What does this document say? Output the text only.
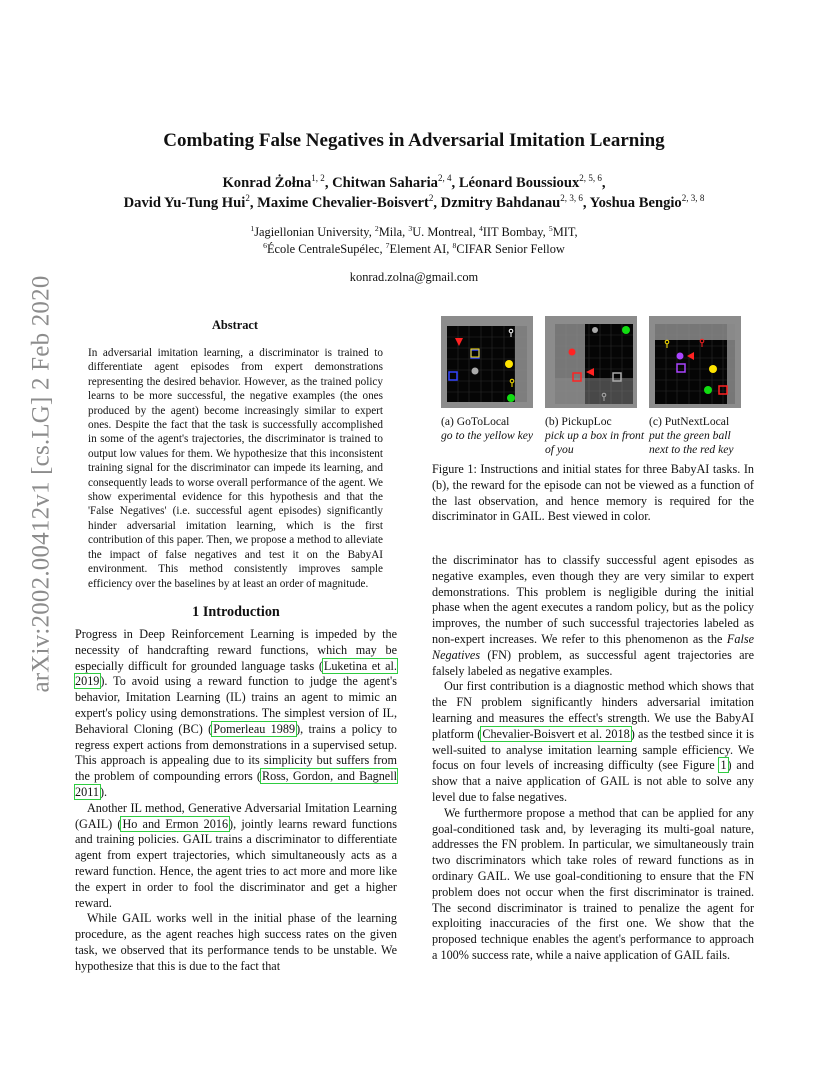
arXiv:2002.00412v1 [cs.LG] 2 Feb 2020
Combating False Negatives in Adversarial Imitation Learning
Konrad Żołna$^{1, 2}$, Chitwan Saharia$^{2, 4}$, Léonard Boussioux$^{2, 5, 6}$,
David Yu-Tung Hui$^2$, Maxime Chevalier-Boisvert$^2$, Dzmitry Bahdanau$^{2, 3, 6}$, Yoshua Bengio$^{2, 3, 8}$
$^1$Jagiellonian University, $^2$Mila, $^3$U. Montreal, $^4$IIT Bombay, $^5$MIT,
$^6$École CentraleSupélec, $^7$Element AI, $^8$CIFAR Senior Fellow
konrad.zolna@gmail.com
Abstract
In adversarial imitation learning, a discriminator is trained to differentiate agent episodes from expert demonstrations representing the desired behavior. However, as the trained policy learns to be more successful, the negative examples (the ones produced by the agent) become increasingly similar to expert ones. Despite the fact that the task is successfully accomplished in some of the agent's trajectories, the discriminator is trained to output low values for them. We hypothesize that this inconsistent training signal for the discriminator can impede its learning, and consequently leads to worse overall performance of the agent. We show experimental evidence for this hypothesis and that the 'False Negatives' (i.e. successful agent episodes) significantly hinder adversarial imitation learning, which is the first contribution of this paper. Then, we propose a method to alleviate the impact of false negatives and test it on the BabyAI environment. This method consistently improves sample efficiency over the baselines by at least an order of magnitude.
1 Introduction

Progress in Deep Reinforcement Learning is impeded by the necessity of handcrafting reward functions, which may be especially difficult for grounded language tasks (Luketina et al. 2019). To avoid using a reward function to judge the agent's behavior, Imitation Learning (IL) trains an agent to mimic an expert's policy using demonstrations. The simplest version of IL, Behavioral Cloning (BC) (Pomerleau 1989), trains a policy to regress expert actions from demonstrations in a supervised setup. This approach is appealing due to its simplicity but suffers from the problem of compounding errors (Ross, Gordon, and Bagnell 2011).

Another IL method, Generative Adversarial Imitation Learning (GAIL) (Ho and Ermon 2016), jointly learns reward functions and training policies. GAIL trains a discriminator to differentiate agent from expert trajectories, which simultaneously acts as a reward function. Hence, the agent tries to act more and more like the expert in order to fool the discriminator and get a higher reward.

While GAIL works well in the initial phase of the learning procedure, as the agent reaches high success rates on the given task, we observed that its performance tends to be unstable. We hypothesize that this is due to the fact that

(a) GoToLocal
go to the yellow key
(b) PickupLoc
pick up a box in front of you
(c) PutNextLocal
put the green ball next to the red key
Figure 1: Instructions and initial states for three BabyAI tasks. In (b), the reward for the episode can not be viewed as a function of the last observation, and hence memory is required for the discriminator in GAIL. Best viewed in color.

the discriminator has to classify successful agent episodes as negative examples, even though they are very similar to expert demonstrations. This problem is negligible during the initial phase when the agent executes a random policy, but as the policy improves, the number of such successful trajectories labeled as non-expert increases. We refer to this phenomenon as the False Negatives (FN) problem, as successful agent trajectories are falsely labeled as negative examples.

Our first contribution is a diagnostic method which shows that the FN problem significantly hinders adversarial imitation learning and measures the effect's strength. We use the BabyAI platform (Chevalier-Boisvert et al. 2018) as the testbed since it is well-suited to analyse imitation learning sample efficiency. We focus on four levels of increasing difficulty (see Figure 1) and show that a naive application of GAIL is not able to solve any level due to false negatives.

We furthermore propose a method that can be applied for any goal-conditioned task and, by leveraging its multi-goal nature, addresses the FN problem. In particular, we simultaneously train two discriminators which take roles of reward functions as in ordinary GAIL. We use goal-conditioning to ensure that the FN problem does not occur when the first discriminator is trained. The second discriminator is trained to penalize the agent for exploiting inaccuracies of the first one. We show that the proposed technique enables the agent's performance to approach a 100% success rate, while a naive application of GAIL fails.
